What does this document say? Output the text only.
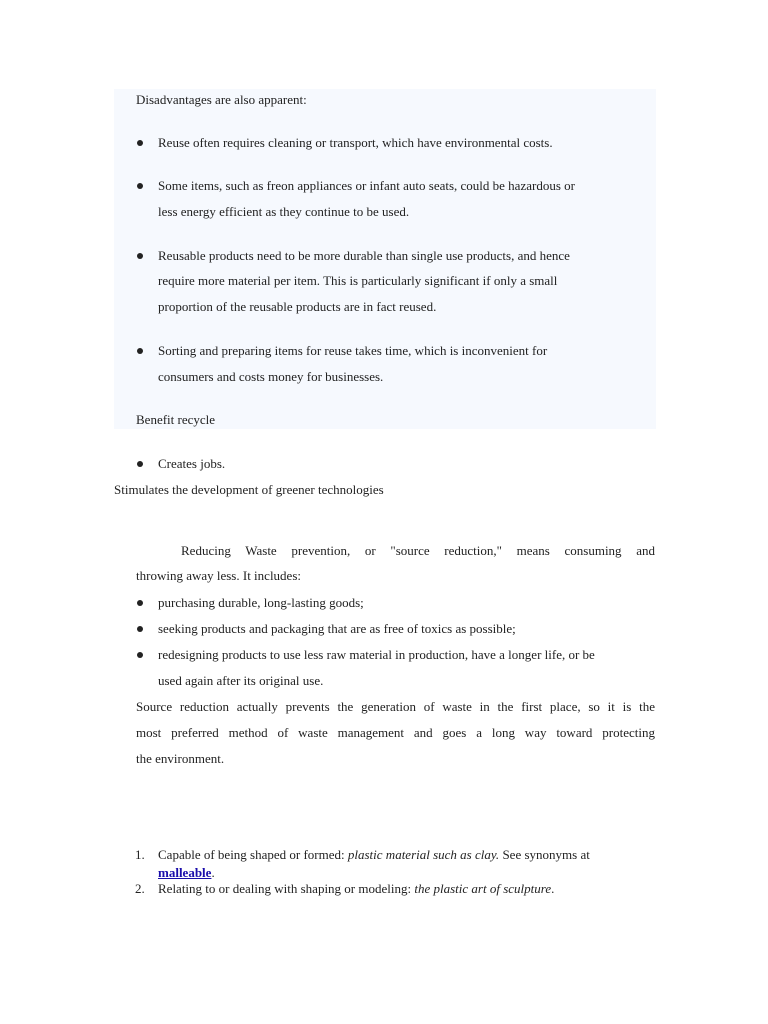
Disadvantages are also apparent:
Reuse often requires cleaning or transport, which have environmental costs.
Some items, such as freon appliances or infant auto seats, could be hazardous or
less energy efficient as they continue to be used.
Reusable products need to be more durable than single use products, and hence
require more material per item. This is particularly significant if only a small
proportion of the reusable products are in fact reused.
Sorting and preparing items for reuse takes time, which is inconvenient for
consumers and costs money for businesses.
Benefit recycle
Creates jobs.
Stimulates the development of greener technologies
Reducing Waste prevention, or "source reduction," means consuming and
throwing away less. It includes:
purchasing durable, long-lasting goods;
seeking products and packaging that are as free of toxics as possible;
redesigning products to use less raw material in production, have a longer life, or be
used again after its original use.
Source reduction actually prevents the generation of waste in the first place, so it is the
most preferred method of waste management and goes a long way toward protecting
the environment.
1. Capable of being shaped or formed: plastic material such as clay. See synonyms at
malleable.
2. Relating to or dealing with shaping or modeling: the plastic art of sculpture.
